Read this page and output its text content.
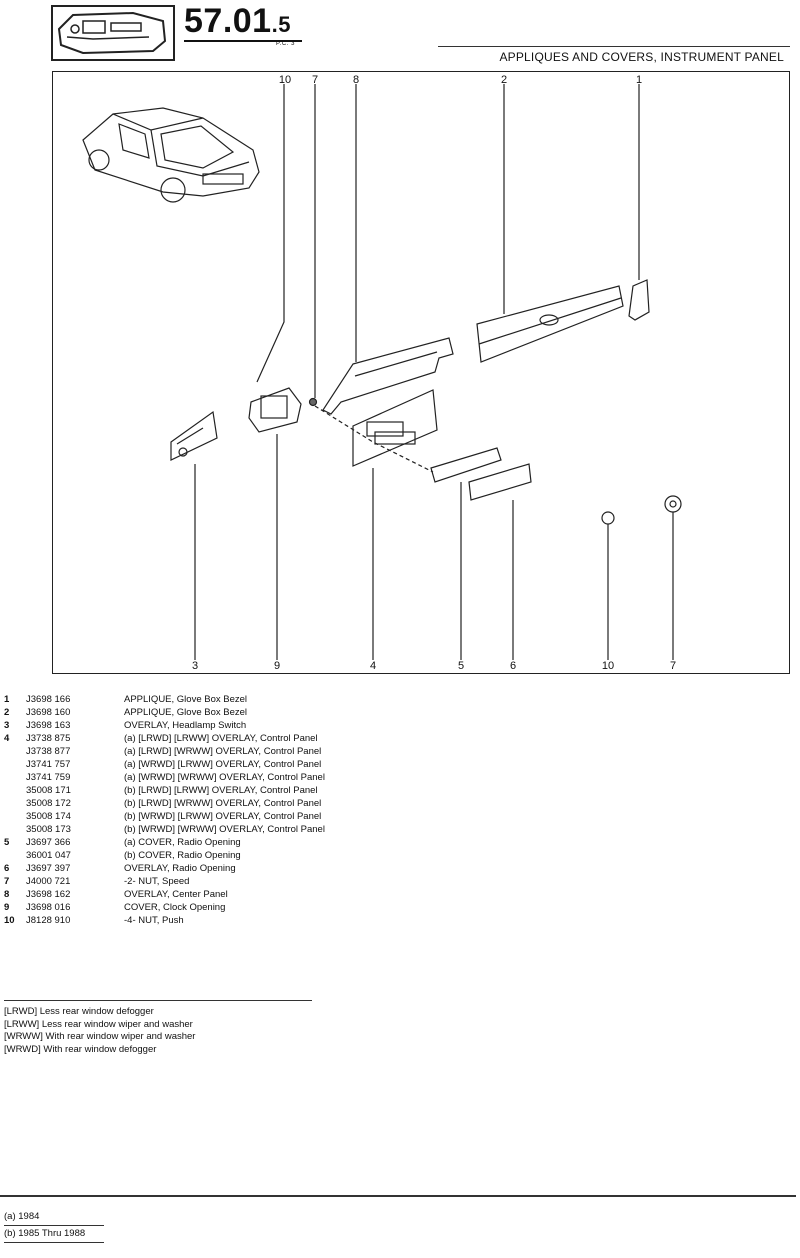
57.01.5
P.C. 3
APPLIQUES AND COVERS, INSTRUMENT PANEL
10	7	8	2	1
3	9	4	5	6	10	7
1 J3698 166	APPLIQUE, Glove Box Bezel
2 J3698 160	APPLIQUE, Glove Box Bezel
3 J3698 163	OVERLAY, Headlamp Switch
4 J3738 875	(a) [LRWD] [LRWW] OVERLAY, Control Panel
J3738 877	(a) [LRWD] [WRWW] OVERLAY, Control Panel
J3741 757	(a) [WRWD] [LRWW] OVERLAY, Control Panel
J3741 759	(a) [WRWD] [WRWW] OVERLAY, Control Panel
35008 171	(b) [LRWD] [LRWW] OVERLAY, Control Panel
35008 172	(b) [LRWD] [WRWW] OVERLAY, Control Panel
35008 174	(b) [WRWD] [LRWW] OVERLAY, Control Panel
35008 173	(b) [WRWD] [WRWW] OVERLAY, Control Panel
5 J3697 366	(a) COVER, Radio Opening
36001 047	(b) COVER, Radio Opening
6 J3697 397	OVERLAY, Radio Opening
7 J4000 721	-2- NUT, Speed
8 J3698 162	OVERLAY, Center Panel
9 J3698 016	COVER, Clock Opening
10 J8128 910	-4- NUT, Push
[LRWD] Less rear window defogger
[LRWW] Less rear window wiper and washer
[WRWW] With rear window wiper and washer
[WRWD] With rear window defogger
(a) 1984
(b) 1985 Thru 1988
